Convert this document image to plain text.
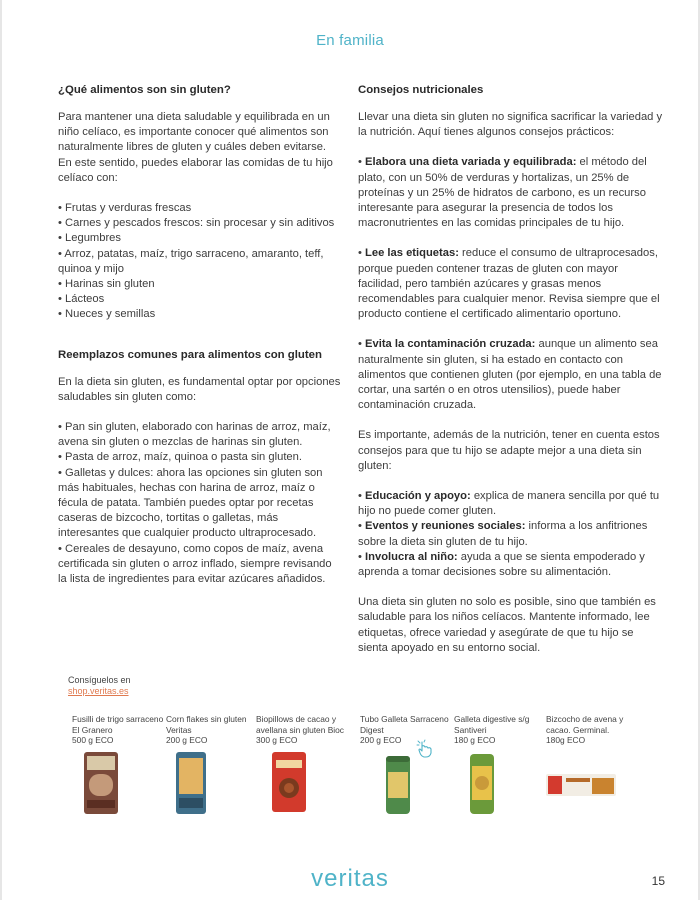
En familia
¿Qué alimentos son sin gluten?

Para mantener una dieta saludable y equilibrada en un niño celíaco, es importante conocer qué alimentos son naturalmente libres de gluten y cuáles deben evitarse. En este sentido, puedes elaborar las comidas de tu hijo celíaco con:

• Frutas y verduras frescas
• Carnes y pescados frescos: sin procesar y sin aditivos
• Legumbres
• Arroz, patatas, maíz, trigo sarraceno, amaranto, teff, quinoa y mijo
• Harinas sin gluten
• Lácteos
• Nueces y semillas
Reemplazos comunes para alimentos con gluten

En la dieta sin gluten, es fundamental optar por opciones saludables sin gluten como:

• Pan sin gluten, elaborado con harinas de arroz, maíz, avena sin gluten o mezclas de harinas sin gluten.
• Pasta de arroz, maíz, quinoa o pasta sin gluten.
• Galletas y dulces: ahora las opciones sin gluten son más habituales, hechas con harina de arroz, maíz o fécula de patata. También puedes optar por recetas caseras de bizcocho, tortitas o galletas, más interesantes que cualquier producto ultraprocesado.
• Cereales de desayuno, como copos de maíz, avena certificada sin gluten o arroz inflado, siempre revisando la lista de ingredientes para evitar azúcares añadidos.
Consejos nutricionales

Llevar una dieta sin gluten no significa sacrificar la variedad y la nutrición. Aquí tienes algunos consejos prácticos:

• Elabora una dieta variada y equilibrada: el método del plato, con un 50% de verduras y hortalizas, un 25% de proteínas y un 25% de hidratos de carbono, es un recurso interesante para asegurar la presencia de todos los macronutrientes en las comidas principales de tu hijo.

• Lee las etiquetas: reduce el consumo de ultraprocesados, porque pueden contener trazas de gluten con mayor facilidad, pero también azúcares y grasas menos recomendables para cualquier menor. Revisa siempre que el producto contiene el certificado alimentario oportuno.

• Evita la contaminación cruzada: aunque un alimento sea naturalmente sin gluten, si ha estado en contacto con alimentos que contienen gluten (por ejemplo, en una tabla de cortar, una sartén o en otros utensilios), puede haber contaminación cruzada.

Es importante, además de la nutrición, tener en cuenta estos consejos para que tu hijo se adapte mejor a una dieta sin gluten:

• Educación y apoyo: explica de manera sencilla por qué tu hijo no puede comer gluten.
• Eventos y reuniones sociales: informa a los anfitriones sobre la dieta sin gluten de tu hijo.
• Involucra al niño: ayuda a que se sienta empoderado y aprenda a tomar decisiones sobre su alimentación.

Una dieta sin gluten no solo es posible, sino que también es saludable para los niños celíacos. Mantente informado, lee etiquetas, ofrece variedad y asegúrate de que tu hijo se sienta apoyado en su entorno social.

Consíguelos en
shop.veritas.es
Fusilli de trigo sarraceno El Granero
500 g ECO
Corn flakes sin gluten Veritas
200 g ECO
Biopillows de cacao y avellana sin gluten Bioc
300 g ECO
Tubo Galleta Sarraceno Digest
200 g ECO
Galleta digestive s/g Santiveri
180 g ECO
Bizcocho de avena y cacao. Germinal.
180g ECO
veritas	15
